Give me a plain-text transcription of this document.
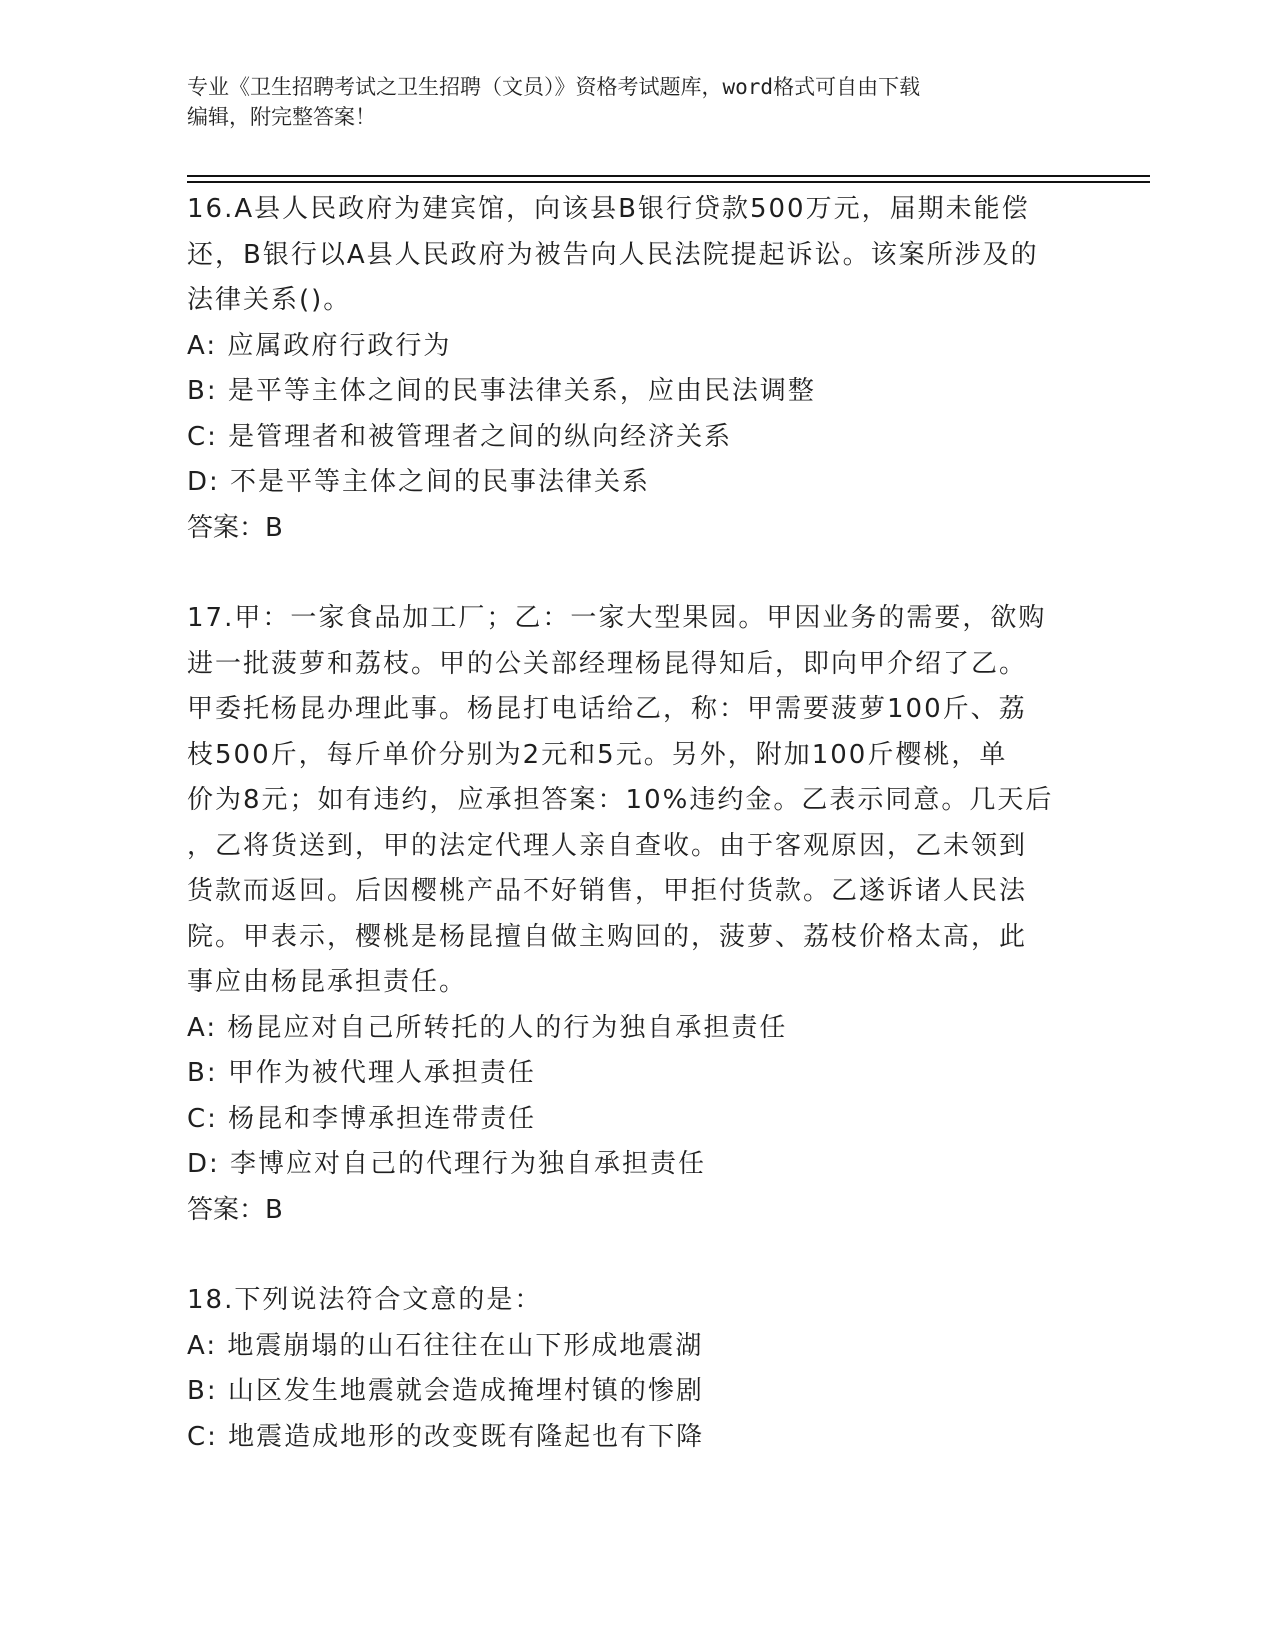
专业《卫生招聘考试之卫生招聘（文员）》资格考试题库，word格式可自由下载
编辑，附完整答案！
16.A县人民政府为建宾馆，向该县B银行贷款500万元，届期未能偿
还，B银行以A县人民政府为被告向人民法院提起诉讼。该案所涉及的
法律关系()。
A: 应属政府行政行为
B: 是平等主体之间的民事法律关系，应由民法调整
C: 是管理者和被管理者之间的纵向经济关系
D: 不是平等主体之间的民事法律关系
答案：B
17.甲：一家食品加工厂；乙：一家大型果园。甲因业务的需要，欲购
进一批菠萝和荔枝。甲的公关部经理杨昆得知后，即向甲介绍了乙。
甲委托杨昆办理此事。杨昆打电话给乙，称：甲需要菠萝100斤、荔
枝500斤，每斤单价分别为2元和5元。另外，附加100斤樱桃，单
价为8元；如有违约，应承担答案：10%违约金。乙表示同意。几天后
，乙将货送到，甲的法定代理人亲自查收。由于客观原因，乙未领到
货款而返回。后因樱桃产品不好销售，甲拒付货款。乙遂诉诸人民法
院。甲表示，樱桃是杨昆擅自做主购回的，菠萝、荔枝价格太高，此
事应由杨昆承担责任。
A: 杨昆应对自己所转托的人的行为独自承担责任
B: 甲作为被代理人承担责任
C: 杨昆和李博承担连带责任
D: 李博应对自己的代理行为独自承担责任
答案：B
18.下列说法符合文意的是：
A: 地震崩塌的山石往往在山下形成地震湖
B: 山区发生地震就会造成掩埋村镇的惨剧
C: 地震造成地形的改变既有隆起也有下降
